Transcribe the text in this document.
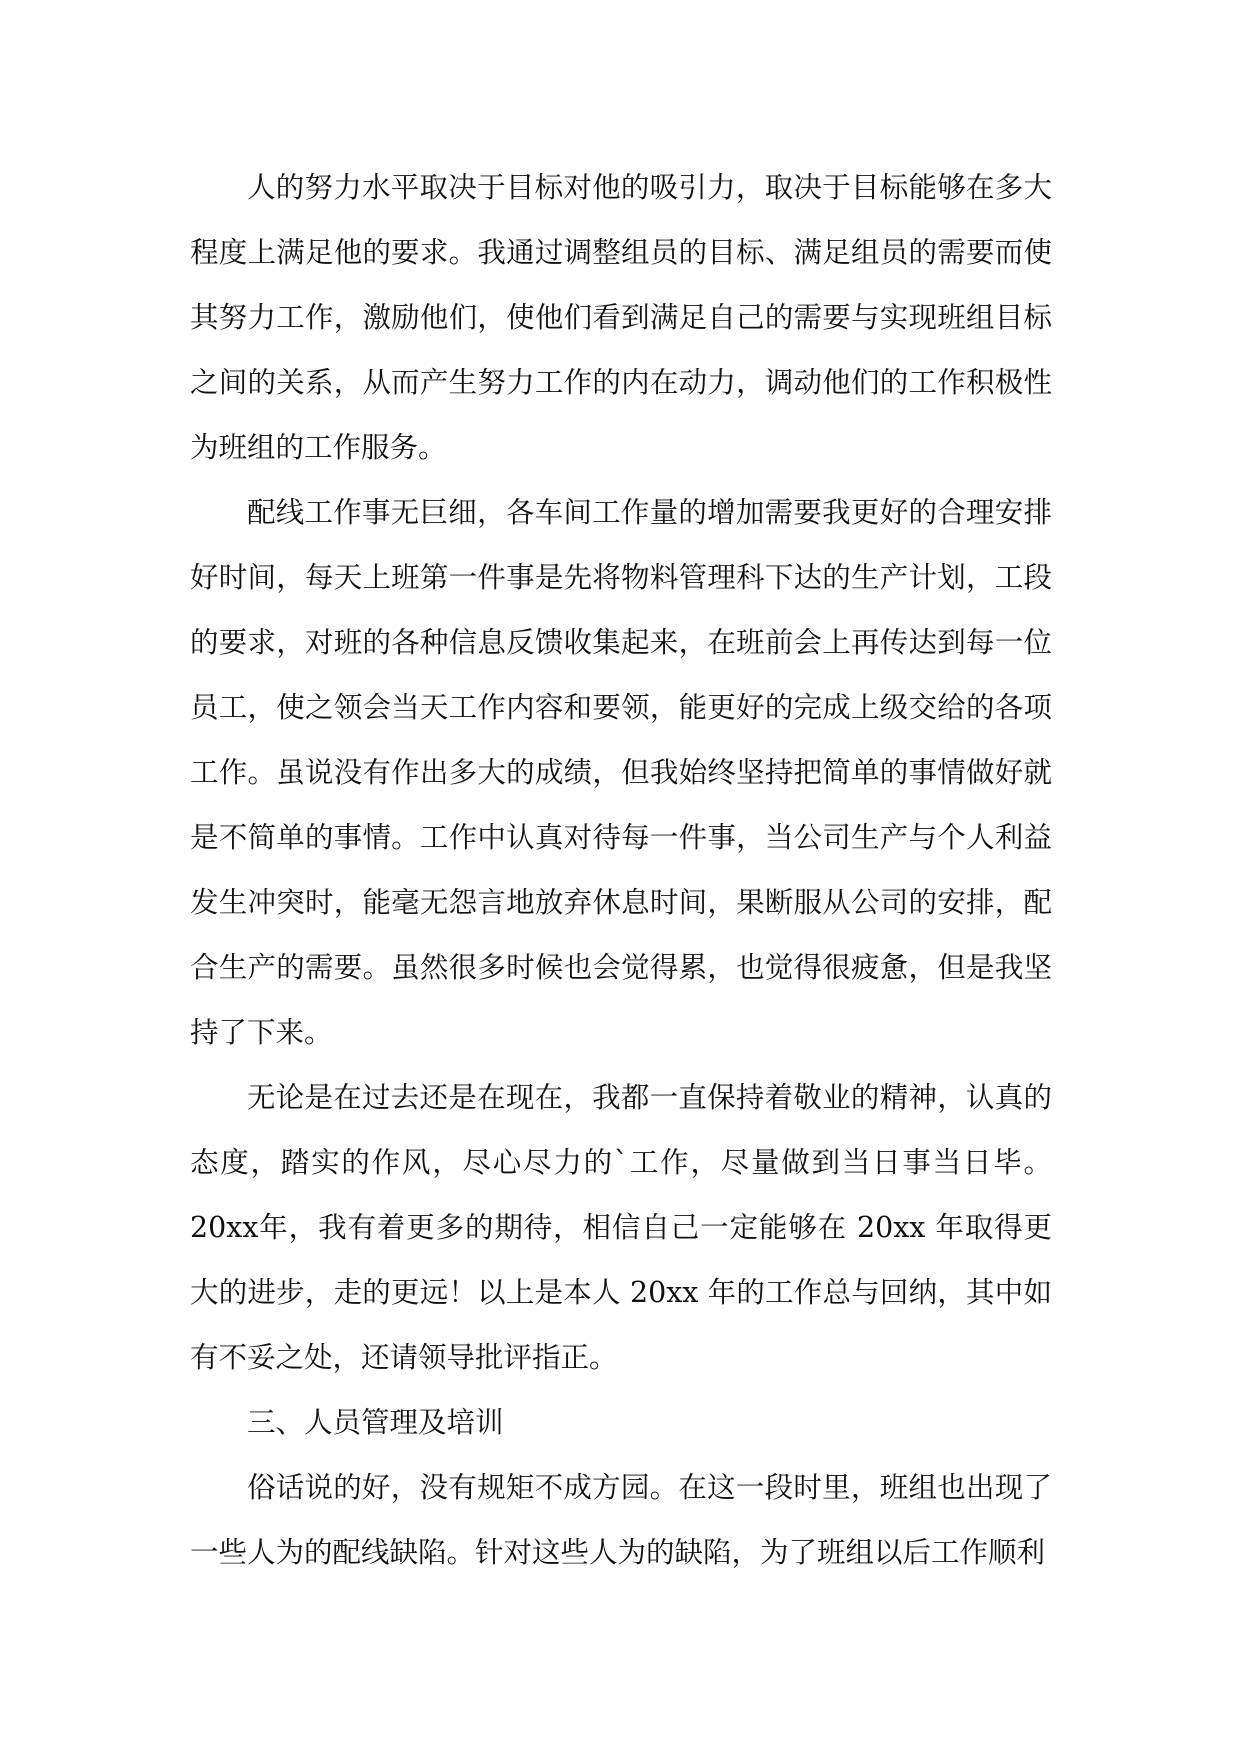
人的努力水平取决于目标对他的吸引力，取决于目标能够在多大程度上满足他的要求。我通过调整组员的目标、满足组员的需要而使其努力工作，激励他们，使他们看到满足自己的需要与实现班组目标之间的关系，从而产生努力工作的内在动力，调动他们的工作积极性为班组的工作服务。

配线工作事无巨细，各车间工作量的增加需要我更好的合理安排好时间，每天上班第一件事是先将物料管理科下达的生产计划，工段的要求，对班的各种信息反馈收集起来，在班前会上再传达到每一位员工，使之领会当天工作内容和要领，能更好的完成上级交给的各项工作。虽说没有作出多大的成绩，但我始终坚持把简单的事情做好就是不简单的事情。工作中认真对待每一件事，当公司生产与个人利益发生冲突时，能毫无怨言地放弃休息时间，果断服从公司的安排，配合生产的需要。虽然很多时候也会觉得累，也觉得很疲惫，但是我坚持了下来。

无论是在过去还是在现在，我都一直保持着敬业的精神，认真的态度，踏实的作风，尽心尽力的`工作，尽量做到当日事当日毕。20xx年，我有着更多的期待，相信自己一定能够在 20xx 年取得更大的进步，走的更远！以上是本人 20xx 年的工作总与回纳，其中如有不妥之处，还请领导批评指正。

三、人员管理及培训

俗话说的好，没有规矩不成方园。在这一段时里，班组也出现了一些人为的配线缺陷。针对这些人为的缺陷，为了班组以后工作顺利
